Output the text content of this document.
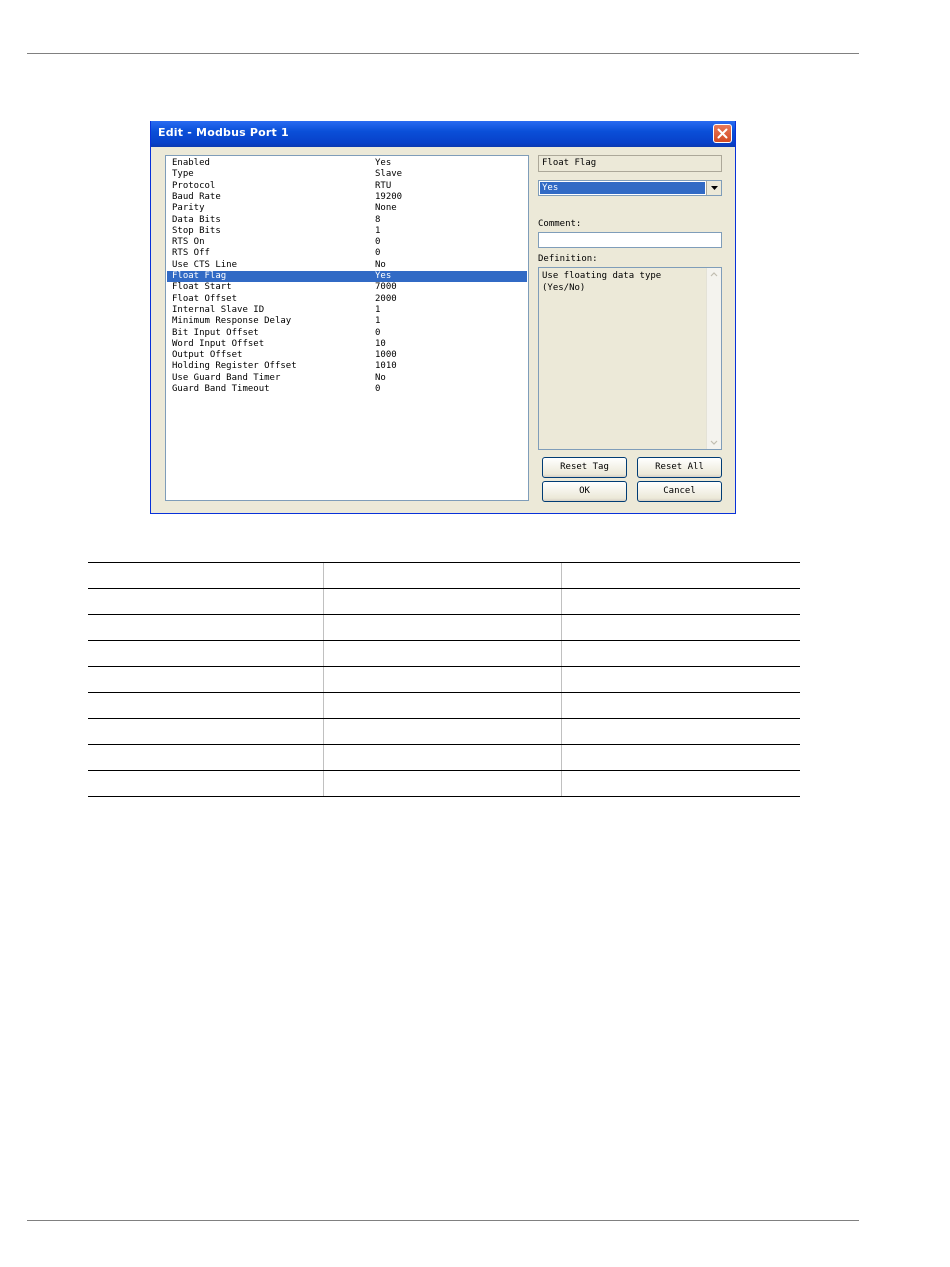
Edit - Modbus Port 1
Enabled	Yes
Type	Slave
Protocol	RTU
Baud Rate	19200
Parity	None
Data Bits	8
Stop Bits	1
RTS On	0
RTS Off	0
Use CTS Line	No
Float Flag	Yes
Float Start	7000
Float Offset	2000
Internal Slave ID	1
Minimum Response Delay	1
Bit Input Offset	0
Word Input Offset	10
Output Offset	1000
Holding Register Offset	1010
Use Guard Band Timer	No
Guard Band Timeout	0
Float Flag
Yes
Comment:
Definition:
Use floating data type (Yes/No)
Reset Tag	Reset All
OK	Cancel
